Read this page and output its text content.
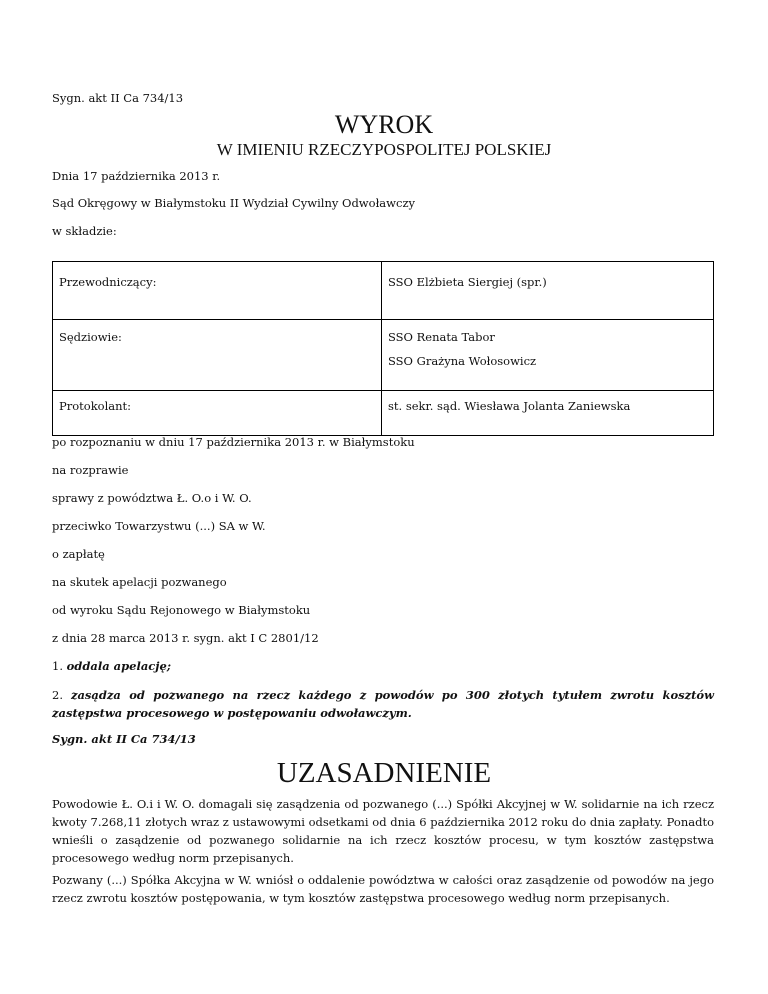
Sygn. akt II Ca 734/13
WYROK
W IMIENIU RZECZYPOSPOLITEJ POLSKIEJ
Dnia 17 października 2013 r.
Sąd Okręgowy w Białymstoku II Wydział Cywilny Odwoławczy
w składzie:
Przewodniczący:	SSO Elżbieta Siergiej (spr.)
Sędziowie:	SSO Renata Tabor
SSO Grażyna Wołosowicz

Protokolant:	st. sekr. sąd. Wiesława Jolanta Zaniewska
po rozpoznaniu w dniu 17 października 2013 r. w Białymstoku
na rozprawie
sprawy z powództwa Ł. O.o i W. O.
przeciwko Towarzystwu (...) SA w W.
o zapłatę
na skutek apelacji pozwanego
od wyroku Sądu Rejonowego w Białymstoku
z dnia 28 marca 2013 r. sygn. akt I C 2801/12
1. oddala apelację;
2. zasądza od pozwanego na rzecz każdego z powodów po 300 złotych tytułem zwrotu kosztów zastępstwa procesowego w postępowaniu odwoławczym.
Sygn. akt II Ca 734/13
UZASADNIENIE
Powodowie Ł. O.i i W. O. domagali się zasądzenia od pozwanego (...) Spółki Akcyjnej w W. solidarnie na ich rzecz kwoty 7.268,11 złotych wraz z ustawowymi odsetkami od dnia 6 października 2012 roku do dnia zapłaty. Ponadto wnieśli o zasądzenie od pozwanego solidarnie na ich rzecz kosztów procesu, w tym kosztów zastępstwa procesowego według norm przepisanych.
Pozwany (...) Spółka Akcyjna w W. wniósł o oddalenie powództwa w całości oraz zasądzenie od powodów na jego rzecz zwrotu kosztów postępowania, w tym kosztów zastępstwa procesowego według norm przepisanych.
